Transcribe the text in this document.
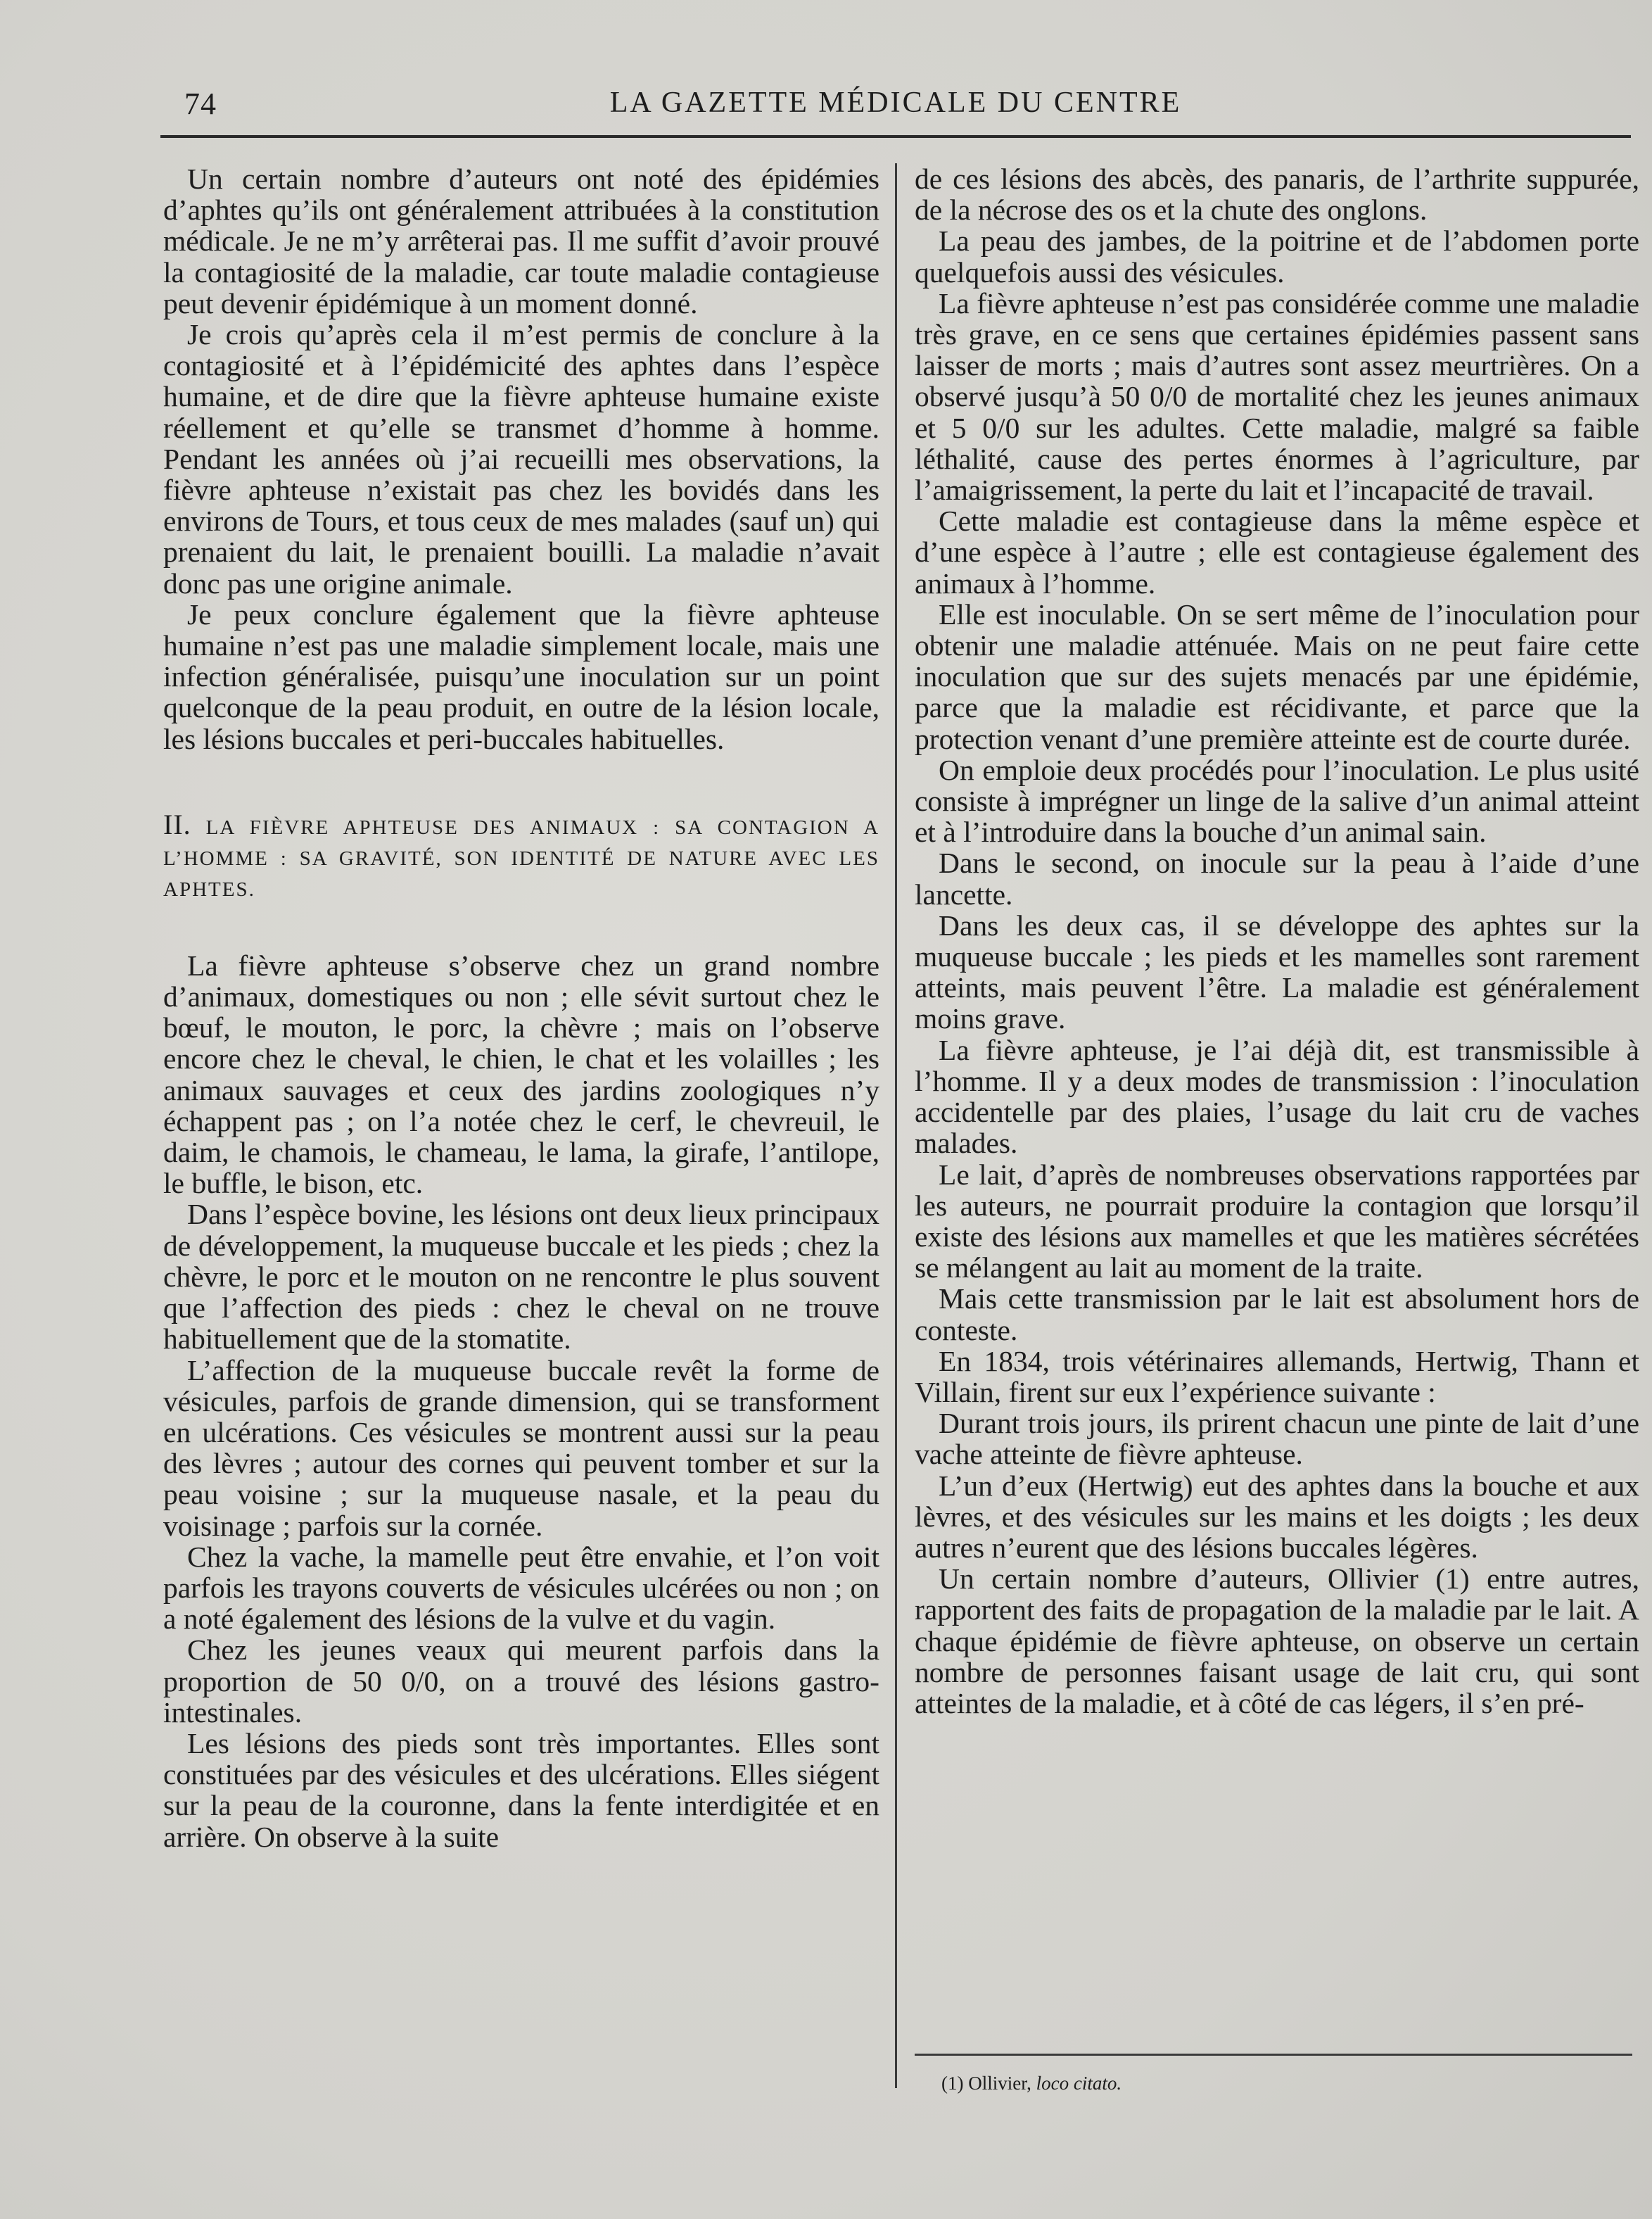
74	LA GAZETTE MÉDICALE DU CENTRE

Un certain nombre d’auteurs ont noté des épidémies d’aphtes qu’ils ont généralement attribuées à la constitution médicale. Je ne m’y arrêterai pas. Il me suffit d’avoir prouvé la contagiosité de la maladie, car toute maladie contagieuse peut devenir épidémique à un moment donné.

Je crois qu’après cela il m’est permis de conclure à la contagiosité et à l’épidémicité des aphtes dans l’espèce humaine, et de dire que la fièvre aphteuse humaine existe réellement et qu’elle se transmet d’homme à homme. Pendant les années où j’ai recueilli mes observations, la fièvre aphteuse n’existait pas chez les bovidés dans les environs de Tours, et tous ceux de mes malades (sauf un) qui prenaient du lait, le prenaient bouilli. La maladie n’avait donc pas une origine animale.

Je peux conclure également que la fièvre aphteuse humaine n’est pas une maladie simplement locale, mais une infection généralisée, puisqu’une inoculation sur un point quelconque de la peau produit, en outre de la lésion locale, les lésions buccales et peri-buccales habituelles.

II. LA FIÈVRE APHTEUSE DES ANIMAUX : SA CONTAGION A L’HOMME : SA GRAVITÉ, SON IDENTITÉ DE NATURE AVEC LES APHTES.

La fièvre aphteuse s’observe chez un grand nombre d’animaux, domestiques ou non ; elle sévit surtout chez le bœuf, le mouton, le porc, la chèvre ; mais on l’observe encore chez le cheval, le chien, le chat et les volailles ; les animaux sauvages et ceux des jardins zoologiques n’y échappent pas ; on l’a notée chez le cerf, le chevreuil, le daim, le chamois, le chameau, le lama, la girafe, l’antilope, le buffle, le bison, etc.

Dans l’espèce bovine, les lésions ont deux lieux principaux de développement, la muqueuse buccale et les pieds ; chez la chèvre, le porc et le mouton on ne rencontre le plus souvent que l’affection des pieds : chez le cheval on ne trouve habituellement que de la stomatite.

L’affection de la muqueuse buccale revêt la forme de vésicules, parfois de grande dimension, qui se transforment en ulcérations. Ces vésicules se montrent aussi sur la peau des lèvres ; autour des cornes qui peuvent tomber et sur la peau voisine ; sur la muqueuse nasale, et la peau du voisinage ; parfois sur la cornée.

Chez la vache, la mamelle peut être envahie, et l’on voit parfois les trayons couverts de vésicules ulcérées ou non ; on a noté également des lésions de la vulve et du vagin.

Chez les jeunes veaux qui meurent parfois dans la proportion de 50 0/0, on a trouvé des lésions gastro-intestinales.

Les lésions des pieds sont très importantes. Elles sont constituées par des vésicules et des ulcérations. Elles siégent sur la peau de la couronne, dans la fente interdigitée et en arrière. On observe à la suite

de ces lésions des abcès, des panaris, de l’arthrite suppurée, de la nécrose des os et la chute des onglons.

La peau des jambes, de la poitrine et de l’abdomen porte quelquefois aussi des vésicules.

La fièvre aphteuse n’est pas considérée comme une maladie très grave, en ce sens que certaines épidémies passent sans laisser de morts ; mais d’autres sont assez meurtrières. On a observé jusqu’à 50 0/0 de mortalité chez les jeunes animaux et 5 0/0 sur les adultes. Cette maladie, malgré sa faible léthalité, cause des pertes énormes à l’agriculture, par l’amaigrissement, la perte du lait et l’incapacité de travail.

Cette maladie est contagieuse dans la même espèce et d’une espèce à l’autre ; elle est contagieuse également des animaux à l’homme.

Elle est inoculable. On se sert même de l’inoculation pour obtenir une maladie atténuée. Mais on ne peut faire cette inoculation que sur des sujets menacés par une épidémie, parce que la maladie est récidivante, et parce que la protection venant d’une première atteinte est de courte durée.

On emploie deux procédés pour l’inoculation. Le plus usité consiste à imprégner un linge de la salive d’un animal atteint et à l’introduire dans la bouche d’un animal sain.

Dans le second, on inocule sur la peau à l’aide d’une lancette.

Dans les deux cas, il se développe des aphtes sur la muqueuse buccale ; les pieds et les mamelles sont rarement atteints, mais peuvent l’être. La maladie est généralement moins grave.

La fièvre aphteuse, je l’ai déjà dit, est transmissible à l’homme. Il y a deux modes de transmission : l’inoculation accidentelle par des plaies, l’usage du lait cru de vaches malades.

Le lait, d’après de nombreuses observations rapportées par les auteurs, ne pourrait produire la contagion que lorsqu’il existe des lésions aux mamelles et que les matières sécrétées se mélangent au lait au moment de la traite.

Mais cette transmission par le lait est absolument hors de conteste.

En 1834, trois vétérinaires allemands, Hertwig, Thann et Villain, firent sur eux l’expérience suivante :

Durant trois jours, ils prirent chacun une pinte de lait d’une vache atteinte de fièvre aphteuse.

L’un d’eux (Hertwig) eut des aphtes dans la bouche et aux lèvres, et des vésicules sur les mains et les doigts ; les deux autres n’eurent que des lésions buccales légères.

Un certain nombre d’auteurs, Ollivier (1) entre autres, rapportent des faits de propagation de la maladie par le lait. A chaque épidémie de fièvre aphteuse, on observe un certain nombre de personnes faisant usage de lait cru, qui sont atteintes de la maladie, et à côté de cas légers, il s’en pré-

(1) Ollivier, loco citato.
